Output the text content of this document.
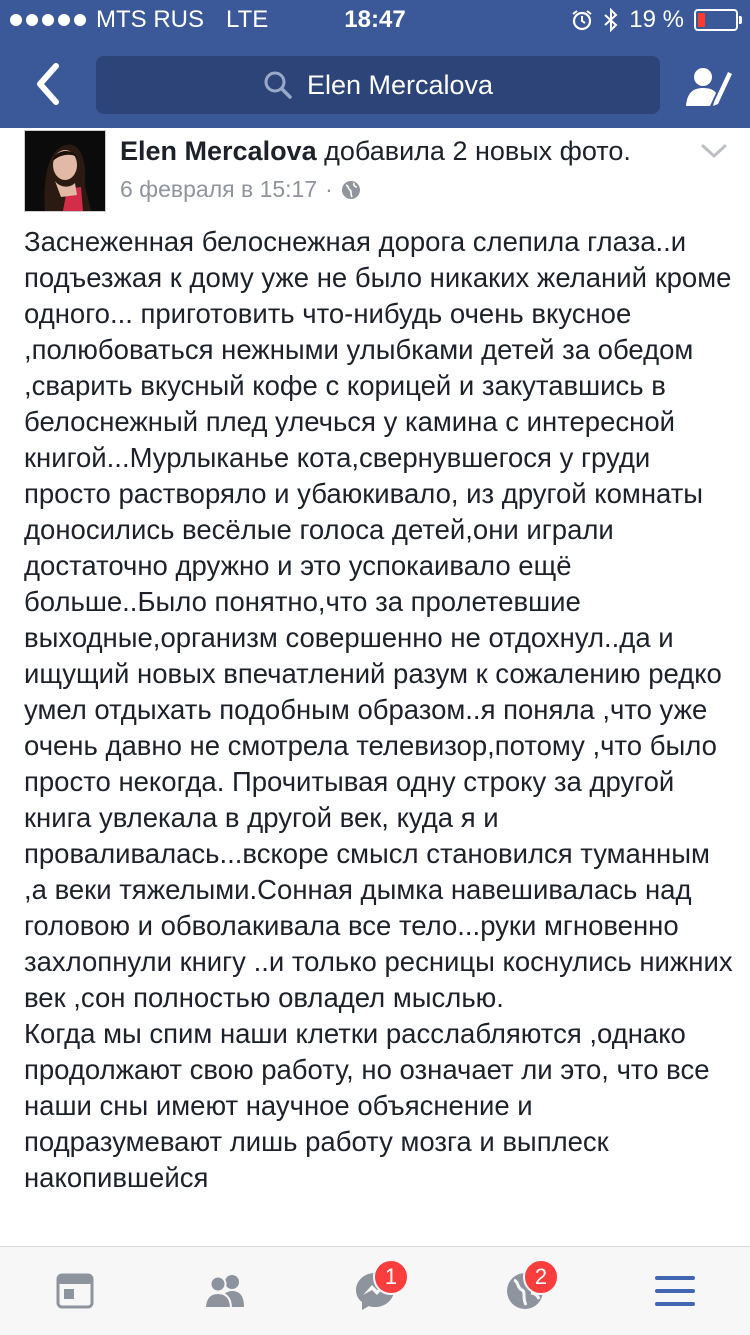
MTS RUS LTE	18:47	19 %
Elen Mercalova
Elen Mercalova добавила 2 новых фото.
6 февраля в 15:17 ·

Заснеженная белоснежная дорога слепила глаза..и подъезжая к дому уже не было никаких желаний кроме одного... приготовить что-нибудь очень вкусное ,полюбоваться нежными улыбками детей за обедом ,сварить вкусный кофе с корицей и закутавшись в белоснежный плед улечься у камина с интересной книгой...Мурлыканье кота,свернувшегося у груди просто растворяло и убаюкивало, из другой комнаты доносились весёлые голоса детей,они играли достаточно дружно и это успокаивало ещё больше..Было понятно,что за пролетевшие выходные,организм совершенно не отдохнул..да и ищущий новых впечатлений разум к сожалению редко умел отдыхать подобным образом..я поняла ,что уже очень давно не смотрела телевизор,потому ,что было просто некогда. Прочитывая одну строку за другой книга увлекала в другой век, куда я и проваливалась...вскоре смысл становился туманным ,а веки тяжелыми.Сонная дымка навешивалась над головою и обволакивала все тело...руки мгновенно захлопнули книгу ..и только ресницы коснулись нижних век ,сон полностью овладел мыслью.

Когда мы спим наши клетки расслабляются ,однако продолжают свою работу, но означает ли это, что все наши сны имеют научное объяснение и подразумевают лишь работу мозга и выплеск накопившейся

1	2
